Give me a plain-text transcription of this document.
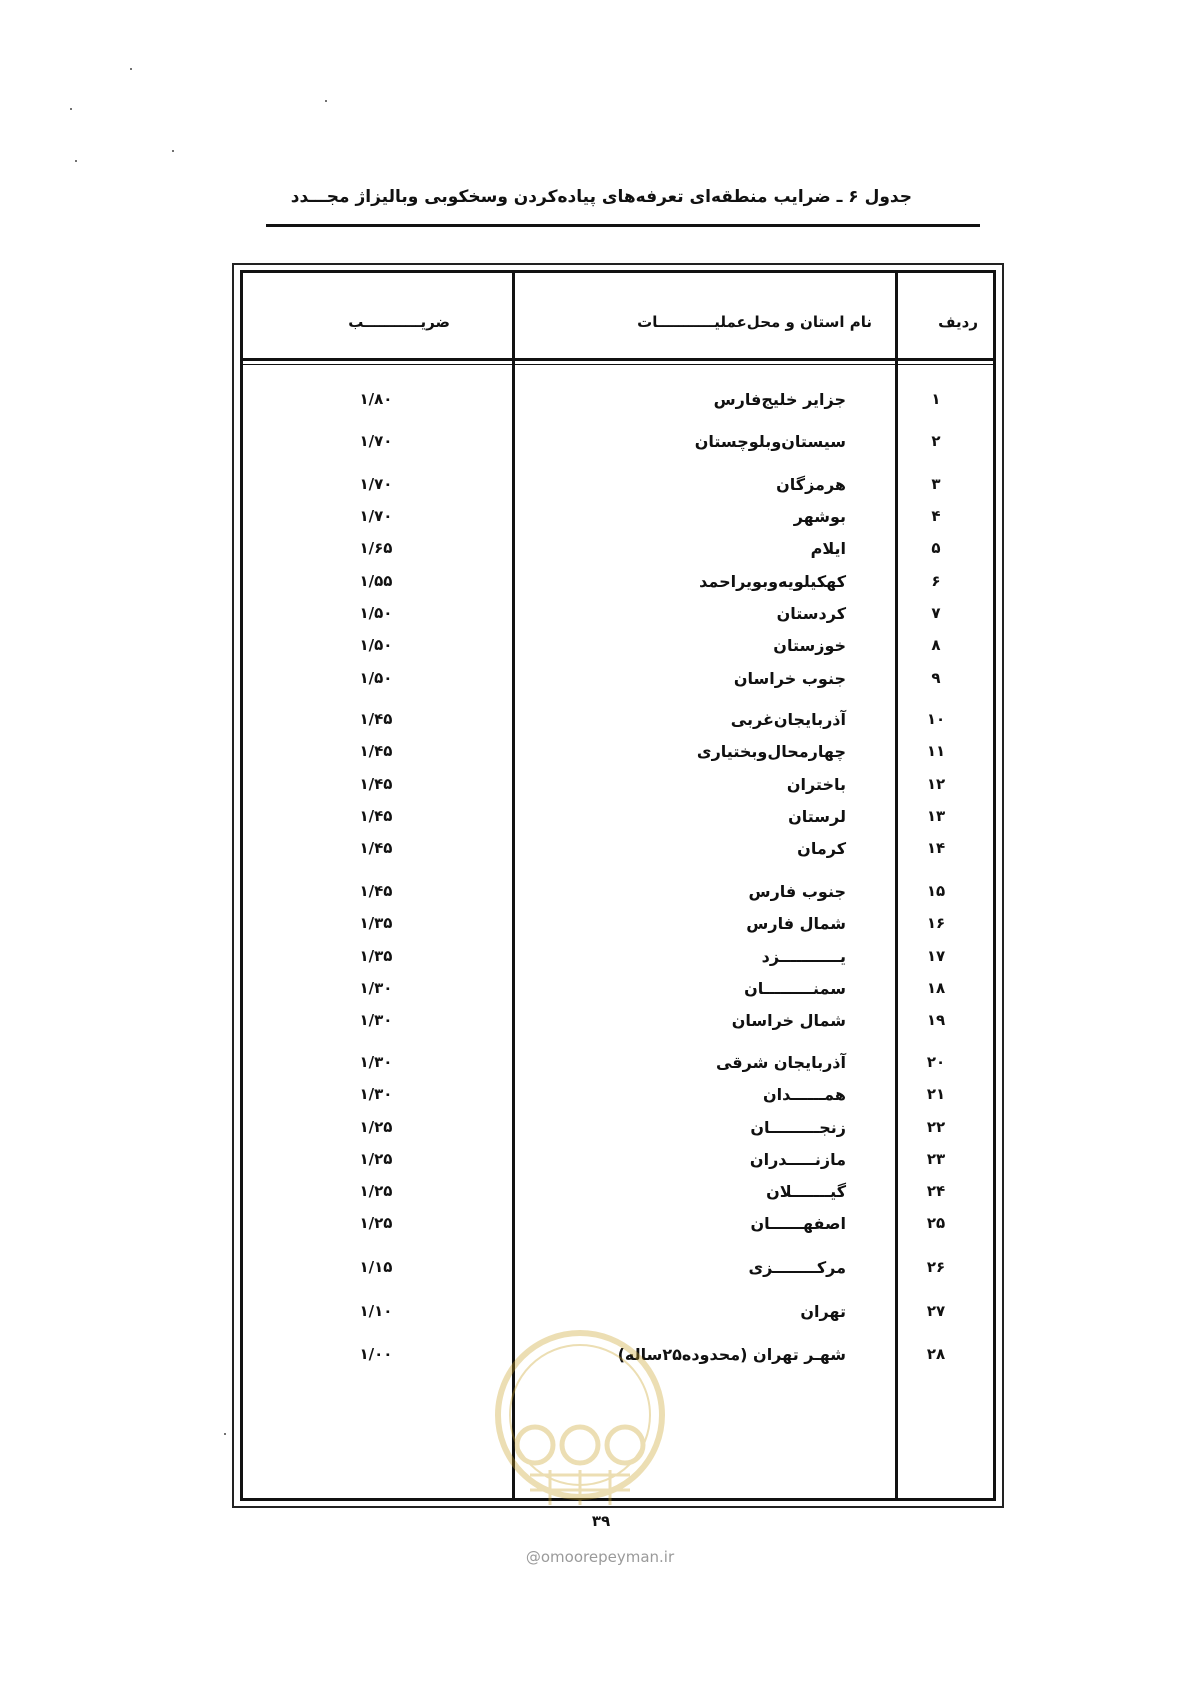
جدول ۶ ـ ضرایب منطقه‌ای تعرفه‌های پیاده‌کردن وسخکوبی وبالیزاژ مجـــدد
ردیف
نام استان و محل‌عملیـــــــــــات
ضریـــــــــــب
۱
جزایر خلیج‌فارس
۱/۸۰
۲
سیستان‌وبلوچستان
۱/۷۰
۳
هرمزگان
۱/۷۰
۴
بوشهر
۱/۷۰
۵
ایلام
۱/۶۵
۶
کهکیلویه‌وبویراحمد
۱/۵۵
۷
کردستان
۱/۵۰
۸
خوزستان
۱/۵۰
۹
جنوب خراسان
۱/۵۰
۱۰
آذربایجان‌غربی
۱/۴۵
۱۱
چهارمحال‌وبختیاری
۱/۴۵
۱۲
باختران
۱/۴۵
۱۳
لرستان
۱/۴۵
۱۴
کرمان
۱/۴۵
۱۵
جنوب فارس
۱/۴۵
۱۶
شمال فارس
۱/۳۵
۱۷
یـــــــــــزد
۱/۳۵
۱۸
سمنـــــــــان
۱/۳۰
۱۹
شمال خراسان
۱/۳۰
۲۰
آذربایجان شرقی
۱/۳۰
۲۱
همــــــدان
۱/۳۰
۲۲
زنجـــــــــان
۱/۲۵
۲۳
مازنـــــدران
۱/۲۵
۲۴
گیـــــــلان
۱/۲۵
۲۵
اصفهــــــان
۱/۲۵
۲۶
مرکــــــــزی
۱/۱۵
۲۷
تهران
۱/۱۰
۲۸
شهـر تهران (محدوده۲۵ساله)
۱/۰۰
۳۹
@omoorepeyman.ir
